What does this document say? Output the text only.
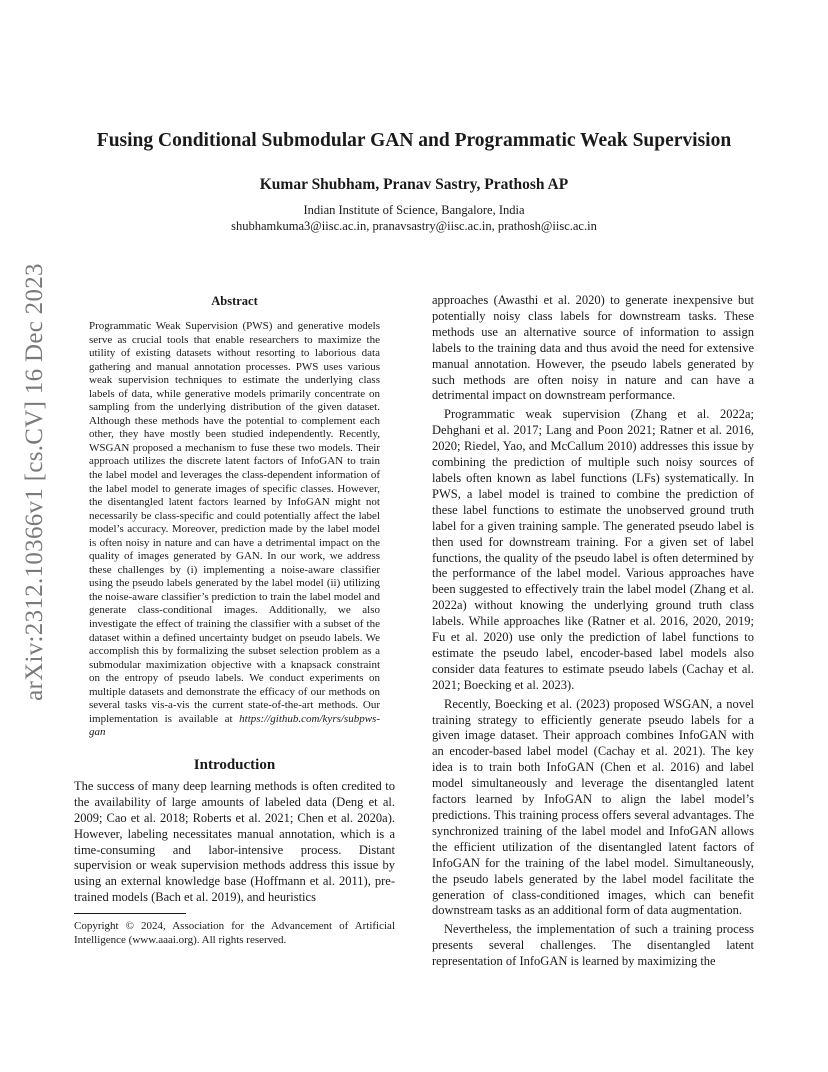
arXiv:2312.10366v1 [cs.CV] 16 Dec 2023
Fusing Conditional Submodular GAN and Programmatic Weak Supervision
Kumar Shubham, Pranav Sastry, Prathosh AP
Indian Institute of Science, Bangalore, India
shubhamkuma3@iisc.ac.in, pranavsastry@iisc.ac.in, prathosh@iisc.ac.in
Abstract
Programmatic Weak Supervision (PWS) and generative models serve as crucial tools that enable researchers to maximize the utility of existing datasets without resorting to laborious data gathering and manual annotation processes. PWS uses various weak supervision techniques to estimate the underlying class labels of data, while generative models primarily concentrate on sampling from the underlying distribution of the given dataset. Although these methods have the potential to complement each other, they have mostly been studied independently. Recently, WSGAN proposed a mechanism to fuse these two models. Their approach utilizes the discrete latent factors of InfoGAN to train the label model and leverages the class-dependent information of the label model to generate images of specific classes. However, the disentangled latent factors learned by InfoGAN might not necessarily be class-specific and could potentially affect the label model’s accuracy. Moreover, prediction made by the label model is often noisy in nature and can have a detrimental impact on the quality of images generated by GAN. In our work, we address these challenges by (i) implementing a noise-aware classifier using the pseudo labels generated by the label model (ii) utilizing the noise-aware classifier’s prediction to train the label model and generate class-conditional images. Additionally, we also investigate the effect of training the classifier with a subset of the dataset within a defined uncertainty budget on pseudo labels. We accomplish this by formalizing the subset selection problem as a submodular maximization objective with a knapsack constraint on the entropy of pseudo labels. We conduct experiments on multiple datasets and demonstrate the efficacy of our methods on several tasks vis-a-vis the current state-of-the-art methods. Our implementation is available at https://github.com/kyrs/subpws-gan
Introduction

The success of many deep learning methods is often credited to the availability of large amounts of labeled data (Deng et al. 2009; Cao et al. 2018; Roberts et al. 2021; Chen et al. 2020a). However, labeling necessitates manual annotation, which is a time-consuming and labor-intensive process. Distant supervision or weak supervision methods address this issue by using an external knowledge base (Hoffmann et al. 2011), pre-trained models (Bach et al. 2019), and heuristics

Copyright © 2024, Association for the Advancement of Artificial Intelligence (www.aaai.org). All rights reserved.

approaches (Awasthi et al. 2020) to generate inexpensive but potentially noisy class labels for downstream tasks. These methods use an alternative source of information to assign labels to the training data and thus avoid the need for extensive manual annotation. However, the pseudo labels generated by such methods are often noisy in nature and can have a detrimental impact on downstream performance.

Programmatic weak supervision (Zhang et al. 2022a; Dehghani et al. 2017; Lang and Poon 2021; Ratner et al. 2016, 2020; Riedel, Yao, and McCallum 2010) addresses this issue by combining the prediction of multiple such noisy sources of labels often known as label functions (LFs) systematically. In PWS, a label model is trained to combine the prediction of these label functions to estimate the unobserved ground truth label for a given training sample. The generated pseudo label is then used for downstream training. For a given set of label functions, the quality of the pseudo label is often determined by the performance of the label model. Various approaches have been suggested to effectively train the label model (Zhang et al. 2022a) without knowing the underlying ground truth class labels. While approaches like (Ratner et al. 2016, 2020, 2019; Fu et al. 2020) use only the prediction of label functions to estimate the pseudo label, encoder-based label models also consider data features to estimate pseudo labels (Cachay et al. 2021; Boecking et al. 2023).

Recently, Boecking et al. (2023) proposed WSGAN, a novel training strategy to efficiently generate pseudo labels for a given image dataset. Their approach combines InfoGAN with an encoder-based label model (Cachay et al. 2021). The key idea is to train both InfoGAN (Chen et al. 2016) and label model simultaneously and leverage the disentangled latent factors learned by InfoGAN to align the label model’s predictions. This training process offers several advantages. The synchronized training of the label model and InfoGAN allows the efficient utilization of the disentangled latent factors of InfoGAN for the training of the label model. Simultaneously, the pseudo labels generated by the label model facilitate the generation of class-conditioned images, which can benefit downstream tasks as an additional form of data augmentation.

Nevertheless, the implementation of such a training process presents several challenges. The disentangled latent representation of InfoGAN is learned by maximizing the
